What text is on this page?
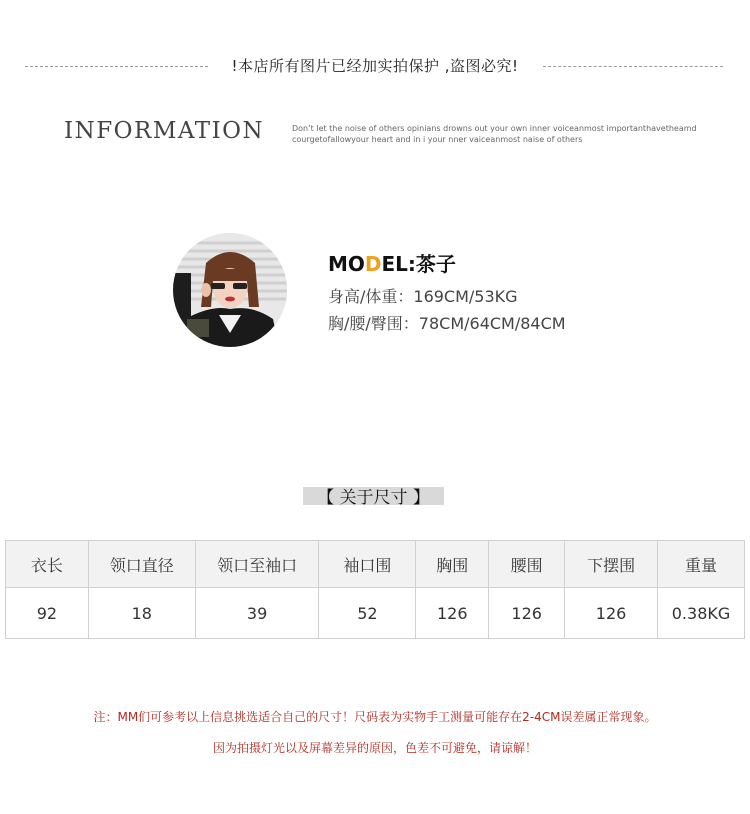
!本店所有图片已经加实拍保护 ,盗图必究!
INFORMATION	Don’t let the noise of others opinians drowns out your own inner voiceanmost importanthavetheamd
courgetofallowyour heart and in i your nner vaiceanmost naise of others
MODEL:茶子
身高/体重：169CM/53KG
胸/腰/臀围：78CM/64CM/84CM
【 关于尺寸 】
衣长	领口直径	领口至袖口	袖口围	胸围	腰围	下摆围	重量
92	18	39	52	126	126	126	0.38KG
注：MM们可参考以上信息挑选适合自己的尺寸！尺码表为实物手工测量可能存在2-4CM误差属正常现象。
因为拍摄灯光以及屏幕差异的原因，色差不可避免，请谅解！
